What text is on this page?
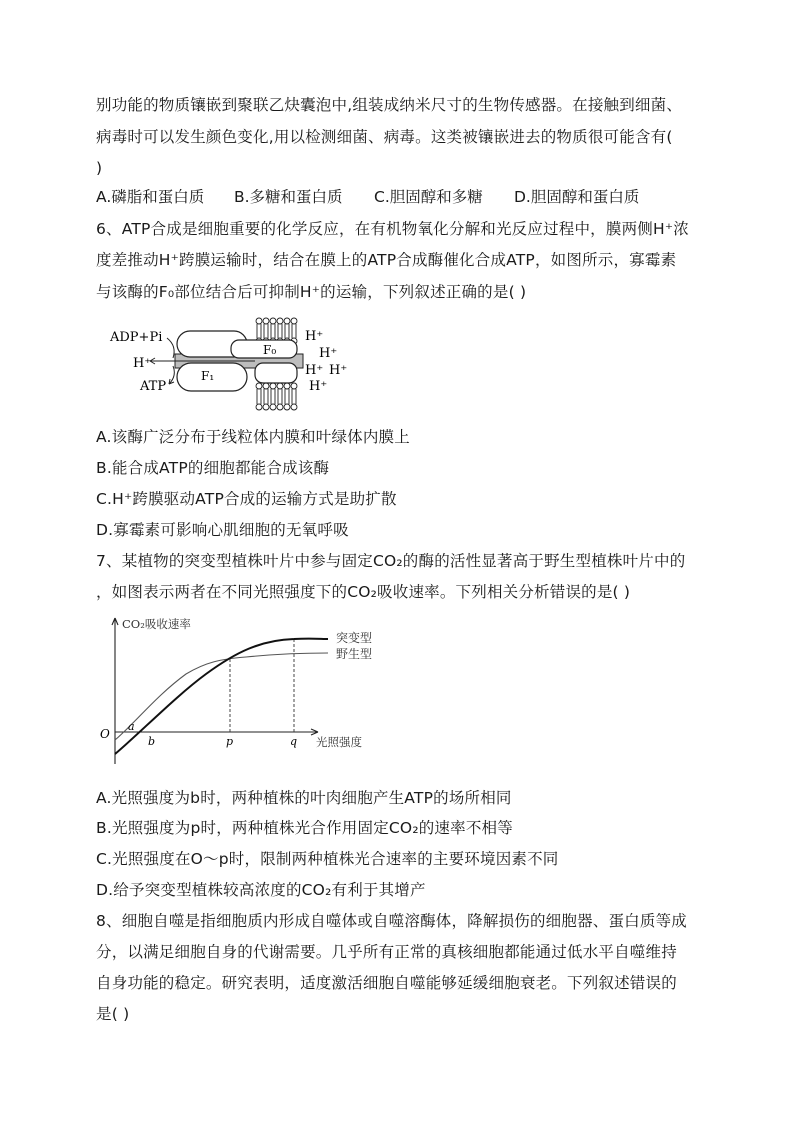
别功能的物质镶嵌到聚联乙炔囊泡中,组装成纳米尺寸的生物传感器。在接触到细菌、
病毒时可以发生颜色变化,用以检测细菌、病毒。这类被镶嵌进去的物质很可能含有(
)
A.磷脂和蛋白质	B.多糖和蛋白质	C.胆固醇和多糖	D.胆固醇和蛋白质
6、ATP合成是细胞重要的化学反应，在有机物氧化分解和光反应过程中，膜两侧H⁺浓
度差推动H⁺跨膜运输时，结合在膜上的ATP合成酶催化合成ATP，如图所示，寡霉素
与该酶的F₀部位结合后可抑制H⁺的运输，下列叙述正确的是( )
ADP+Pi
H⁺
ATP
F₀
F₁
H⁺
H⁺
H⁺ H⁺
H⁺
A.该酶广泛分布于线粒体内膜和叶绿体内膜上
B.能合成ATP的细胞都能合成该酶
C.H⁺跨膜驱动ATP合成的运输方式是助扩散
D.寡霉素可影响心肌细胞的无氧呼吸
7、某植物的突变型植株叶片中参与固定CO₂的酶的活性显著高于野生型植株叶片中的
，如图表示两者在不同光照强度下的CO₂吸收速率。下列相关分析错误的是( )
CO₂吸收速率
光照强度
O
a
b	p	q
突变型
野生型
A.光照强度为b时，两种植株的叶肉细胞产生ATP的场所相同
B.光照强度为p时，两种植株光合作用固定CO₂的速率不相等
C.光照强度在O～p时，限制两种植株光合速率的主要环境因素不同
D.给予突变型植株较高浓度的CO₂有利于其增产
8、细胞自噬是指细胞质内形成自噬体或自噬溶酶体，降解损伤的细胞器、蛋白质等成
分，以满足细胞自身的代谢需要。几乎所有正常的真核细胞都能通过低水平自噬维持
自身功能的稳定。研究表明，适度激活细胞自噬能够延缓细胞衰老。下列叙述错误的
是( )
